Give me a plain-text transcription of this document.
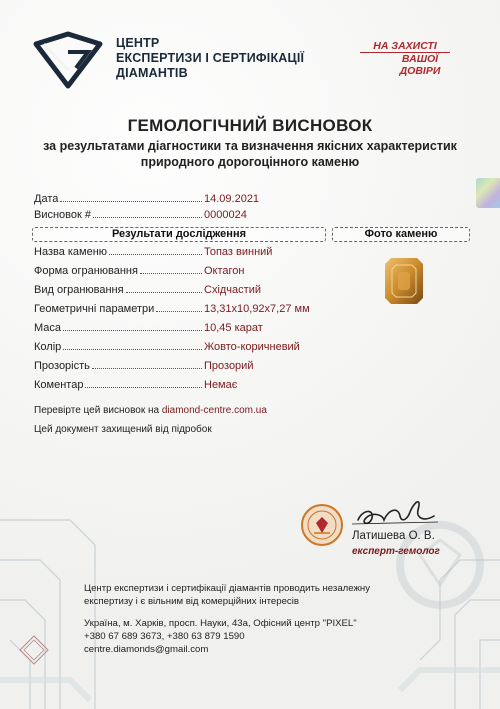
ЦЕНТР
ЕКСПЕРТИЗИ І СЕРТИФІКАЦІЇ
ДІАМАНТІВ
НА ЗАХИСТІ
ВАШОЇ
ДОВІРИ
ГЕМОЛОГІЧНИЙ ВИСНОВОК
за результатами діагностики та визначення якісних характеристик
природного дорогоцінного каменю
Дата	14.09.2021
Висновок #	0000024
Результати дослідження	Фото каменю
Назва каменю	Топаз винний
Форма огранювання	Октагон
Вид огранювання	Східчастий
Геометричні параметри	13,31х10,92х7,27 мм
Маса	10,45 карат
Колір	Жовто-коричневий
Прозорість	Прозорий
Коментар	Немає
Перевірте цей висновок на diamond-centre.com.ua
Цей документ захищений від підробок
Латишева О. В.
експерт-гемолог
Центр експертизи і сертифікації діамантів проводить незалежну
експертизу і є вільним від комерційних інтересів
Україна, м. Харків, просп. Науки, 43а, Офісний центр "PIXEL"
+380 67 689 3673, +380 63 879 1590
centre.diamonds@gmail.com
